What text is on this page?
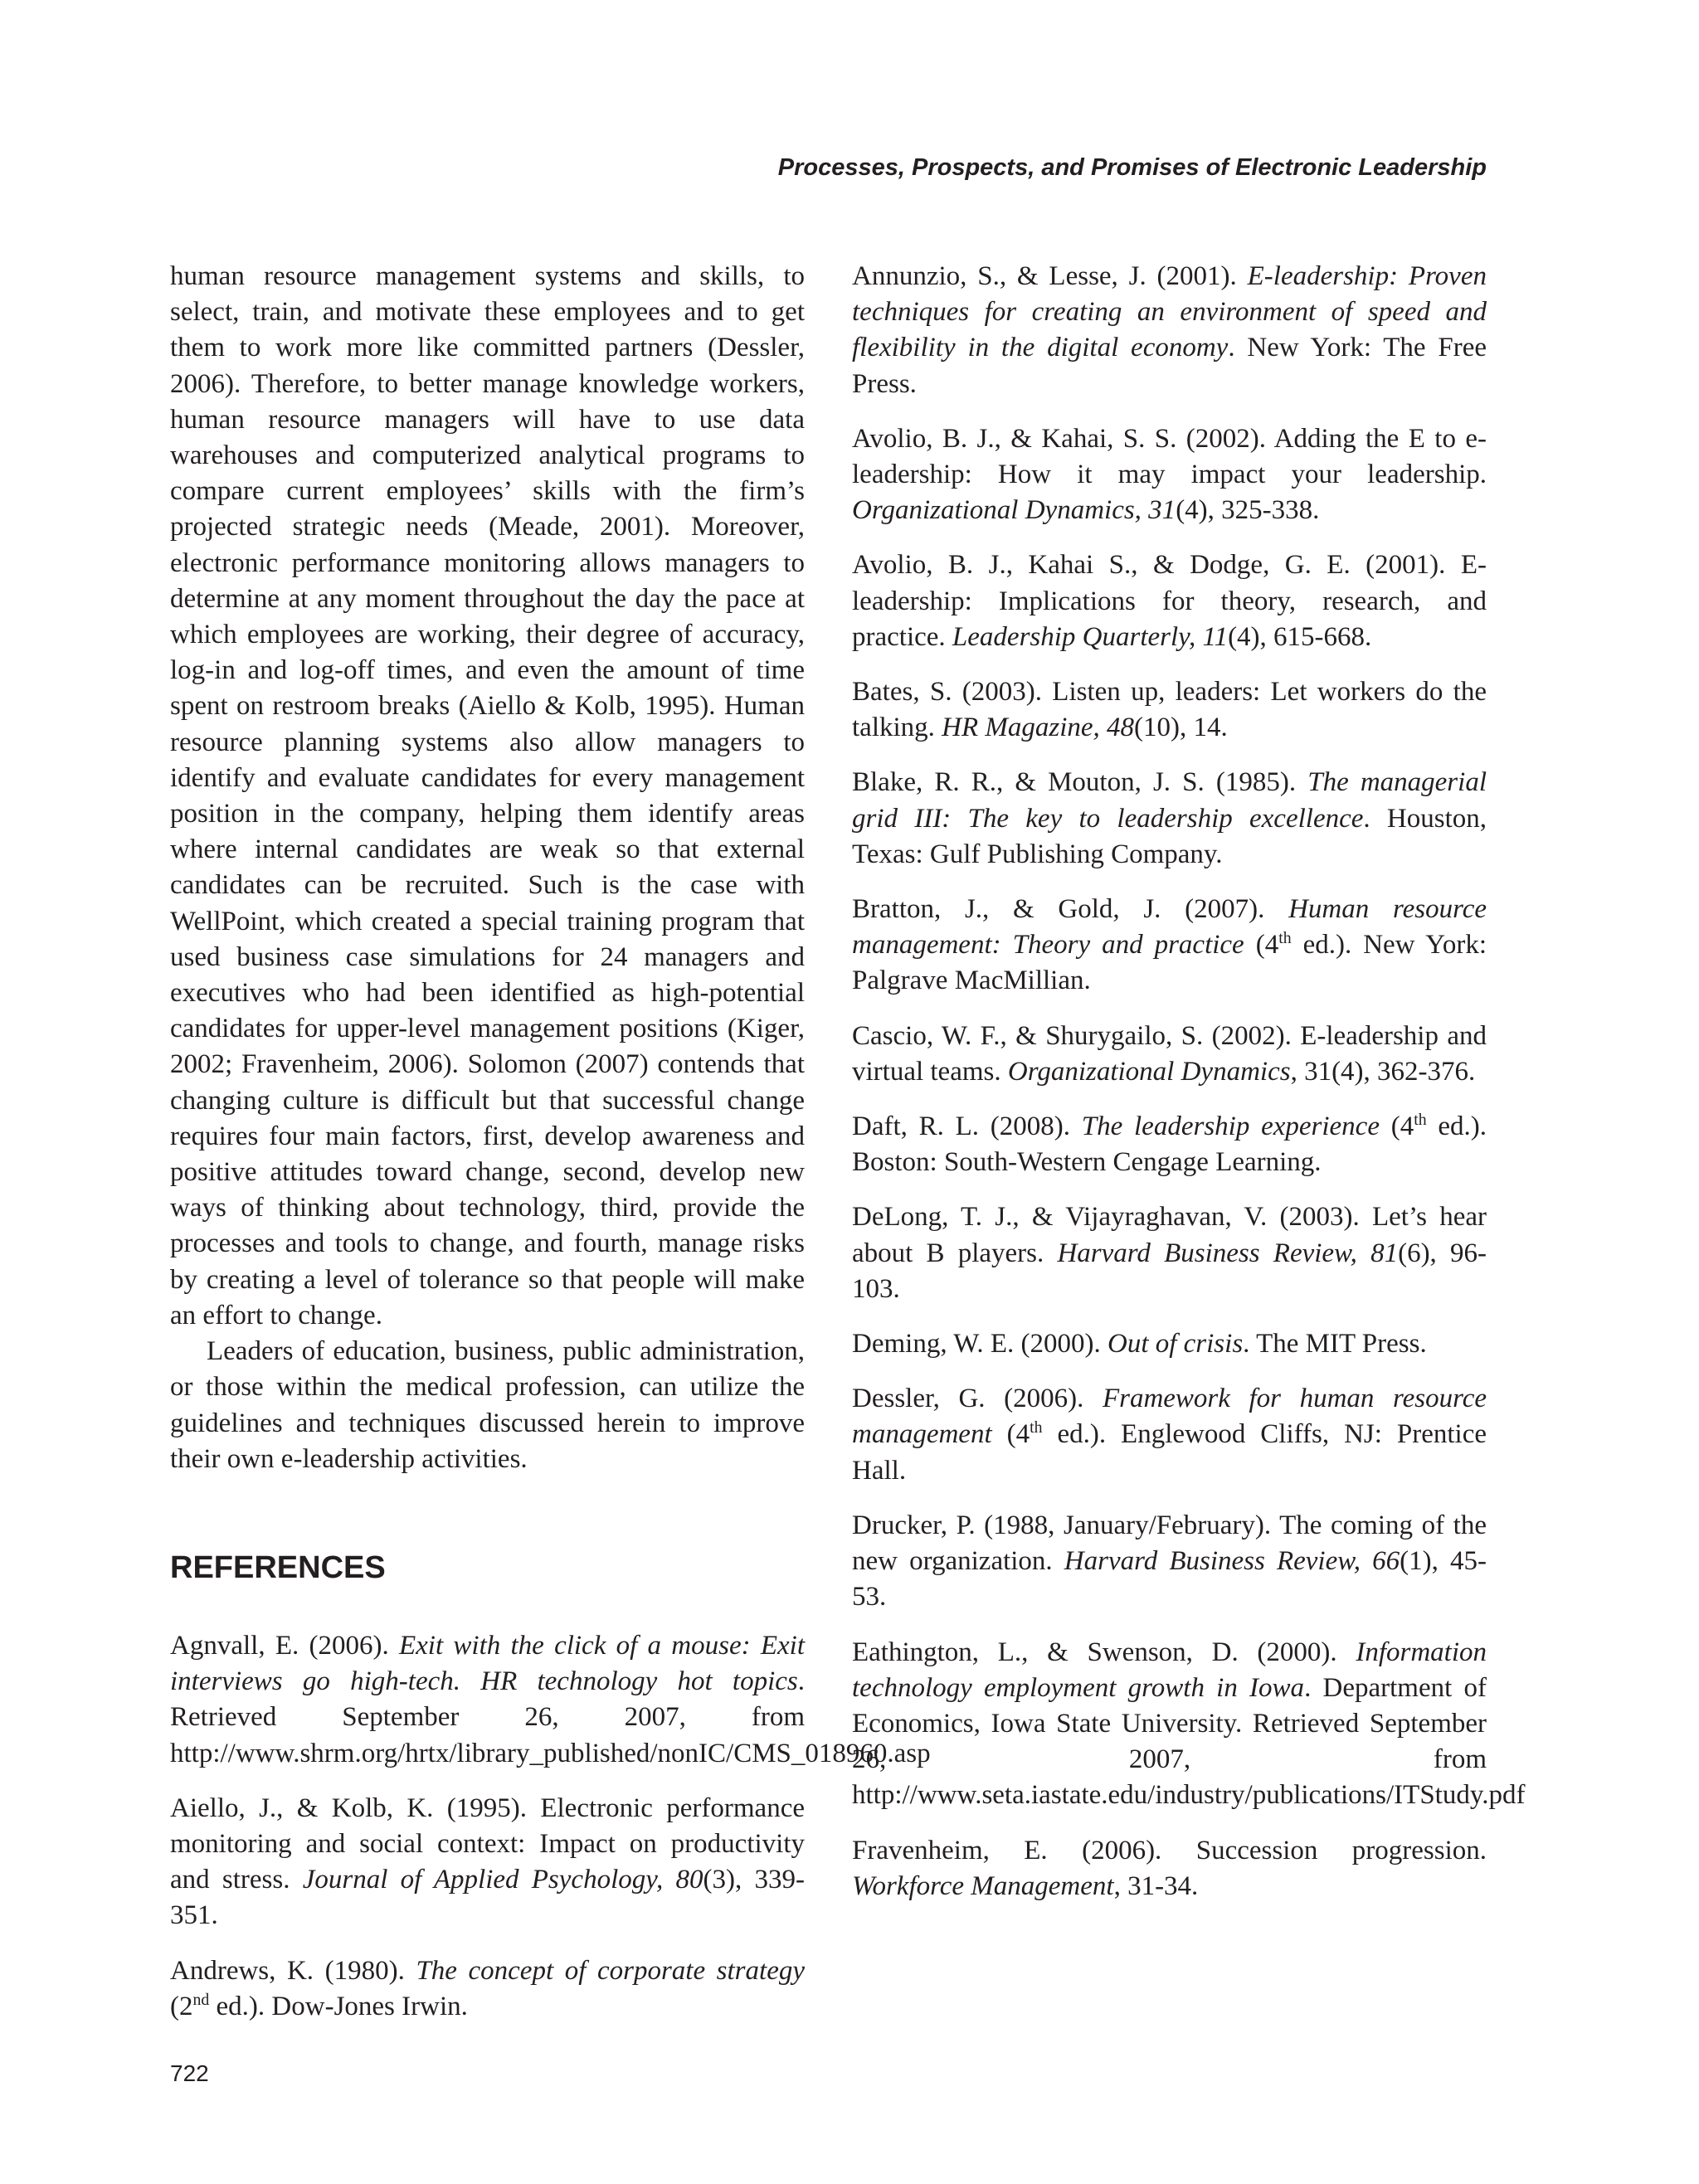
Processes, Prospects, and Promises of Electronic Leadership

human resource management systems and skills, to select, train, and motivate these employees and to get them to work more like committed partners (Dessler, 2006). Therefore, to better manage knowledge workers, human resource managers will have to use data warehouses and computerized analytical programs to compare current employees’ skills with the firm’s projected strategic needs (Meade, 2001). Moreover, electronic performance monitoring allows managers to determine at any moment throughout the day the pace at which employees are working, their degree of accuracy, log-in and log-off times, and even the amount of time spent on restroom breaks (Aiello & Kolb, 1995). Human resource planning systems also allow managers to identify and evaluate candidates for every management position in the company, helping them identify areas where internal candidates are weak so that external candidates can be recruited. Such is the case with WellPoint, which created a special training program that used business case simulations for 24 managers and executives who had been identified as high-potential candidates for upper-level management positions (Kiger, 2002; Fravenheim, 2006). Solomon (2007) contends that changing culture is difficult but that successful change requires four main factors, first, develop awareness and positive attitudes toward change, second, develop new ways of thinking about technology, third, provide the processes and tools to change, and fourth, manage risks by creating a level of tolerance so that people will make an effort to change.

Leaders of education, business, public administration, or those within the medical profession, can utilize the guidelines and techniques discussed herein to improve their own e-leadership activities.

REFERENCES

Agnvall, E. (2006). Exit with the click of a mouse: Exit interviews go high-tech. HR technology hot topics. Retrieved September 26, 2007, from http://www.shrm.org/hrtx/library_published/nonIC/CMS_018960.asp

Aiello, J., & Kolb, K. (1995). Electronic performance monitoring and social context: Impact on productivity and stress. Journal of Applied Psychology, 80(3), 339-351.

Andrews, K. (1980). The concept of corporate strategy (2nd ed.). Dow-Jones Irwin.

Annunzio, S., & Lesse, J. (2001). E-leadership: Proven techniques for creating an environment of speed and flexibility in the digital economy. New York: The Free Press.

Avolio, B. J., & Kahai, S. S. (2002). Adding the E to e-leadership: How it may impact your leadership. Organizational Dynamics, 31(4), 325-338.

Avolio, B. J., Kahai S., & Dodge, G. E. (2001). E-leadership: Implications for theory, research, and practice. Leadership Quarterly, 11(4), 615-668.

Bates, S. (2003). Listen up, leaders: Let workers do the talking. HR Magazine, 48(10), 14.

Blake, R. R., & Mouton, J. S. (1985). The managerial grid III: The key to leadership excellence. Houston, Texas: Gulf Publishing Company.

Bratton, J., & Gold, J. (2007). Human resource management: Theory and practice (4th ed.). New York: Palgrave MacMillian.

Cascio, W. F., & Shurygailo, S. (2002). E-leadership and virtual teams. Organizational Dynamics, 31(4), 362-376.

Daft, R. L. (2008). The leadership experience (4th ed.). Boston: South-Western Cengage Learning.

DeLong, T. J., & Vijayraghavan, V. (2003). Let’s hear about B players. Harvard Business Review, 81(6), 96-103.

Deming, W. E. (2000). Out of crisis. The MIT Press.

Dessler, G. (2006). Framework for human resource management (4th ed.). Englewood Cliffs, NJ: Prentice Hall.

Drucker, P. (1988, January/February). The coming of the new organization. Harvard Business Review, 66(1), 45-53.

Eathington, L., & Swenson, D. (2000). Information technology employment growth in Iowa. Department of Economics, Iowa State University. Retrieved September 26, 2007, from http://www.seta.iastate.edu/industry/publications/ITStudy.pdf

Fravenheim, E. (2006). Succession progression. Workforce Management, 31-34.

722
